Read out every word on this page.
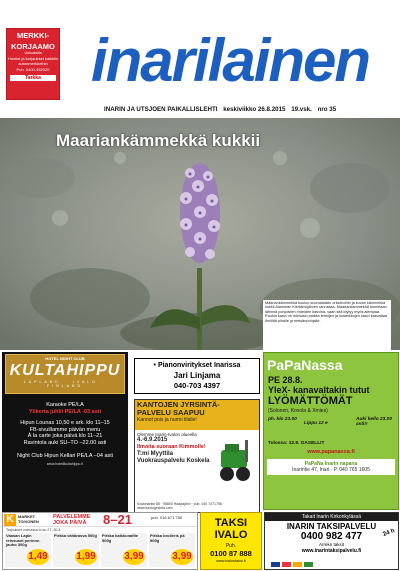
MERKKI-
KORJAAMO
Uutuuksilla
Huollot ja korjaukset kaikkiin autonmerkkeihin
Puh. 0400-452020
Tarkka inarilainen
INARIN JA UTSJOEN PAIKALLISLEHTI keskiviikko 26.8.2015 19.vsk. nro 35
Maariankämmekkä kuuluu suomalaisiin orkideoihin ja kuvan kämmekkä kukkii Alamman Kiertämöjärven rannassa. Maariankämmekkä tunnetaan lähinnä pohjoisten rinteiden kasvina, vaan sitä löytyy myös alempaa. Ruukin kasvi on mieluisin paikka lehtojen ja kosteikkojen kasvi kasvattaa ilmiöitä pihalle ja metsänpohjalle.
Maariankämmekkä kukkii
HOTEL NIGHT CLUB
KULTAHIPPU
LAPLAND · IVALO · FINLAND
Karaoke PE/LA
Ylikerta juhlii PE/LA -03 asti
Hipun Lounas 10,50 e ark. klo 11–15
FB-sivuillamme päivän menu
À la carte joka päivä klo 11–21
Ravintola auki SU–TO –22.00 asti
Night Club Hipun Kellari PE/LA –04 asti
www.hotellikultahippu.fi
• Pianonviritykset Inarissa
Jari Linjama
040-703 4397
KANTOJEN JYRSINTÄ-
PALVELU SAAPUU
Kannot pois ja nurmi tilalle!
Olemme Inarin-Ivalon alueella
4.-6.9.2015
Ilmoita suoraan Kimmolle!
T:mi Myyttila Vuokrauspalvelu Koskela
Koskelantie 85 · 95800 Haapajärvi · puh. 040 7471756 · www.kantojyrsinta.com
PaPaNassa
PE 28.8.
YleX- kanavaltakin tutut
LYÖMÄTTÖMÄT
(Solonen, Kosola & Xmies)
ph. klo 23.00
Lippu 12 e
Auki kello 23.00 asti!!
Tulossa: 12.9. GASELLIT
www.papanassa.fi
PaPaNa Inarin napana
Inarintie 47, Inari · P. 040 765 1605
K	MARKET
TOIVONEN
PALVELEMME
JOKA PÄIVÄ	8–21	puh. 016 671 750
Tarjoukset voimassa to-su 27.-30.8.
Vaasan Lapin reissuset perinne-jauho 300g
1,49
Pirkka vähärasva 500g
1,99
Pirkka kalkkunafile 500g
3,99
Pirkka broileris pk 500g
3,99
TAKSI
IVALO
Puh.
0100 87 888
www.ivalontaksi.fi
Takait Inarin Kirkonkylässä
INARIN TAKSIPALVELU
0400 982 477
Arrekn taksit
www.inarintaksipalvelu.fi
24 h
